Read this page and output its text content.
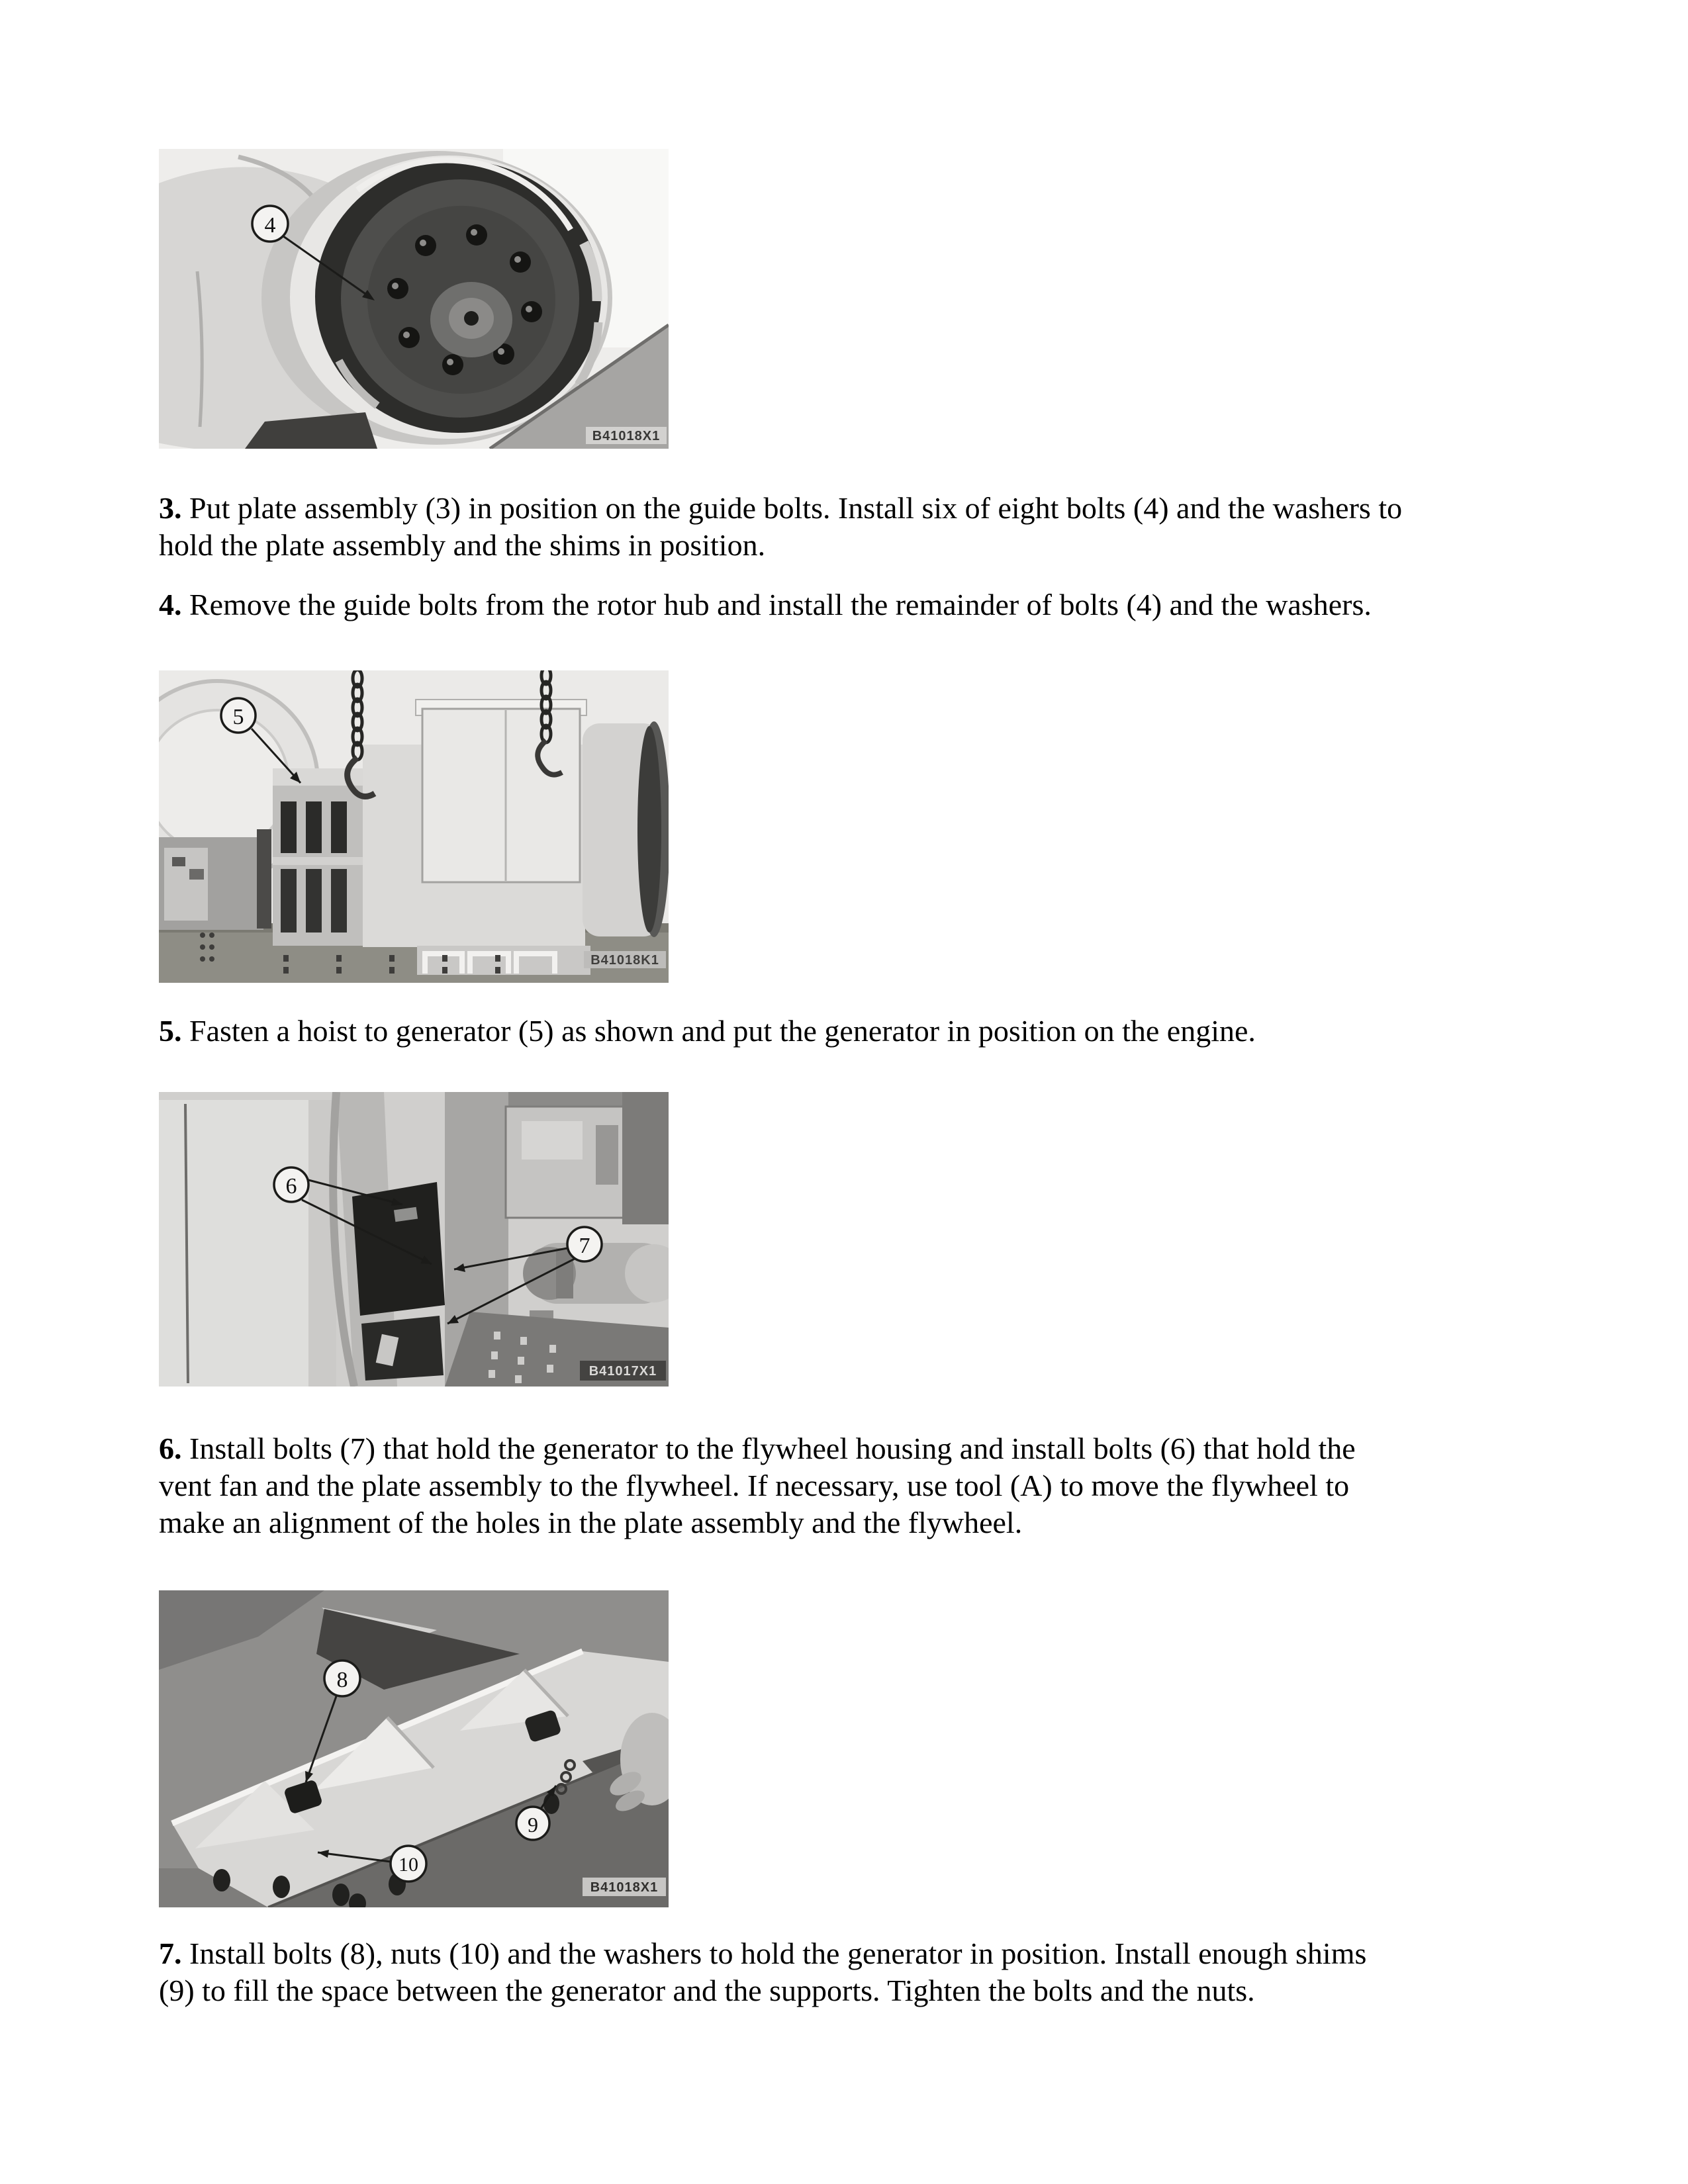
4
B41018X1
3. Put plate assembly (3) in position on the guide bolts. Install six of eight bolts (4) and the washers to
hold the plate assembly and the shims in position.
4. Remove the guide bolts from the rotor hub and install the remainder of bolts (4) and the washers.
5
B41018K1
5. Fasten a hoist to generator (5) as shown and put the generator in position on the engine.
6
7
B41017X1
6. Install bolts (7) that hold the generator to the flywheel housing and install bolts (6) that hold the
vent fan and the plate assembly to the flywheel. If necessary, use tool (A) to move the flywheel to
make an alignment of the holes in the plate assembly and the flywheel.
8
9
10
B41018X1
7. Install bolts (8), nuts (10) and the washers to hold the generator in position. Install enough shims
(9) to fill the space between the generator and the supports. Tighten the bolts and the nuts.
